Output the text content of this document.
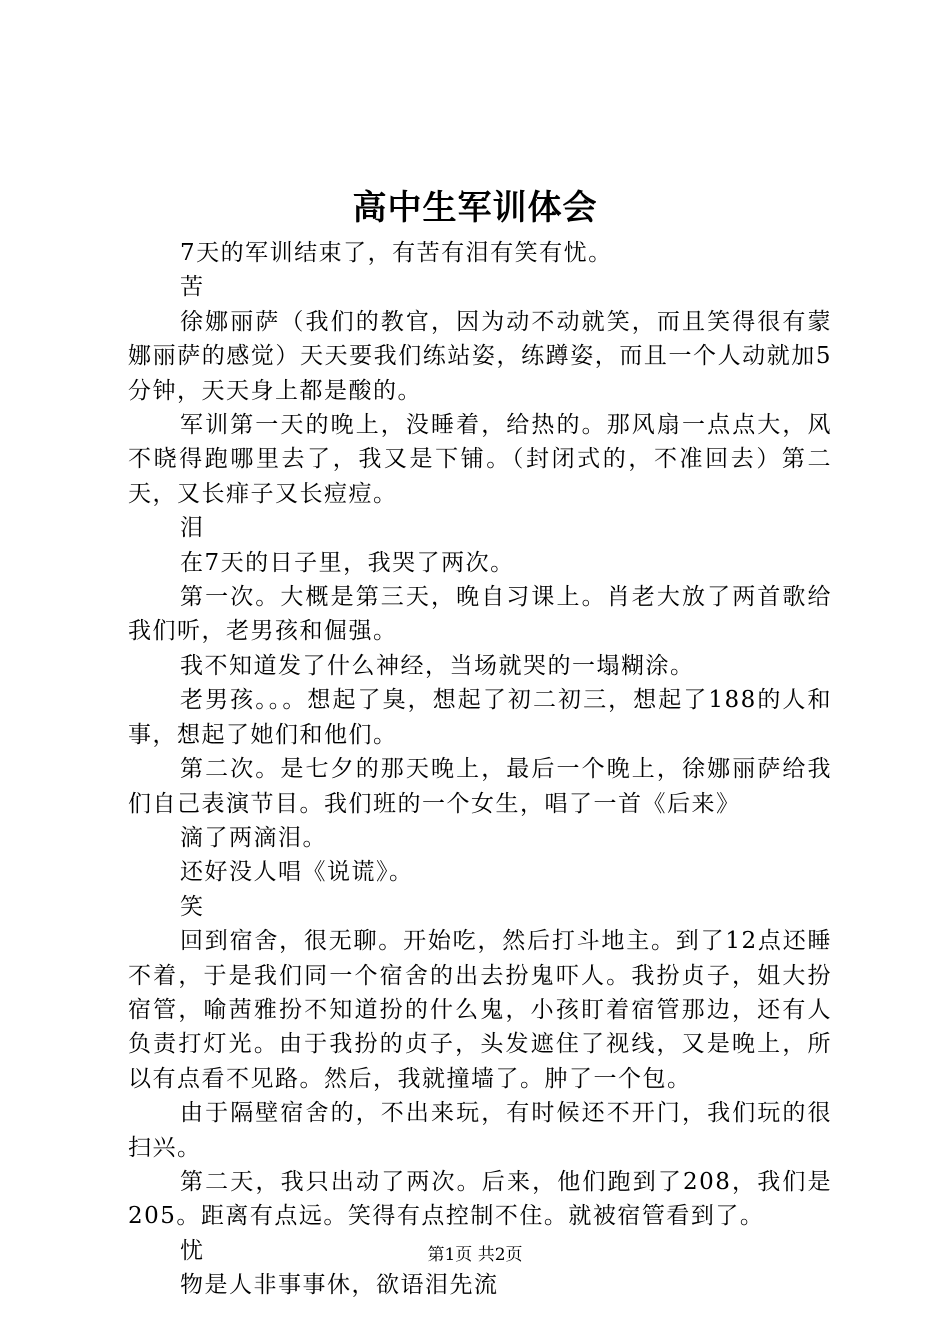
高中生军训体会

7天的军训结束了，有苦有泪有笑有忧。

苦

徐娜丽萨（我们的教官，因为动不动就笑，而且笑得很有蒙娜丽萨的感觉）天天要我们练站姿，练蹲姿，而且一个人动就加5分钟，天天身上都是酸的。

军训第一天的晚上，没睡着，给热的。那风扇一点点大，风不晓得跑哪里去了，我又是下铺。（封闭式的，不准回去）第二天，又长痱子又长痘痘。

泪

在7天的日子里，我哭了两次。

第一次。大概是第三天，晚自习课上。肖老大放了两首歌给我们听，老男孩和倔强。

我不知道发了什么神经，当场就哭的一塌糊涂。

老男孩。。。想起了臭，想起了初二初三，想起了188的人和事，想起了她们和他们。

第二次。是七夕的那天晚上，最后一个晚上，徐娜丽萨给我们自己表演节目。我们班的一个女生，唱了一首《后来》

滴了两滴泪。

还好没人唱《说谎》。

笑

回到宿舍，很无聊。开始吃，然后打斗地主。到了12点还睡不着，于是我们同一个宿舍的出去扮鬼吓人。我扮贞子，姐大扮宿管，喻茜雅扮不知道扮的什么鬼，小孩盯着宿管那边，还有人负责打灯光。由于我扮的贞子，头发遮住了视线，又是晚上，所以有点看不见路。然后，我就撞墙了。肿了一个包。

由于隔壁宿舍的，不出来玩，有时候还不开门，我们玩的很扫兴。

第二天，我只出动了两次。后来，他们跑到了208，我们是205。距离有点远。笑得有点控制不住。就被宿管看到了。

忧

物是人非事事休，欲语泪先流

第1页 共2页
